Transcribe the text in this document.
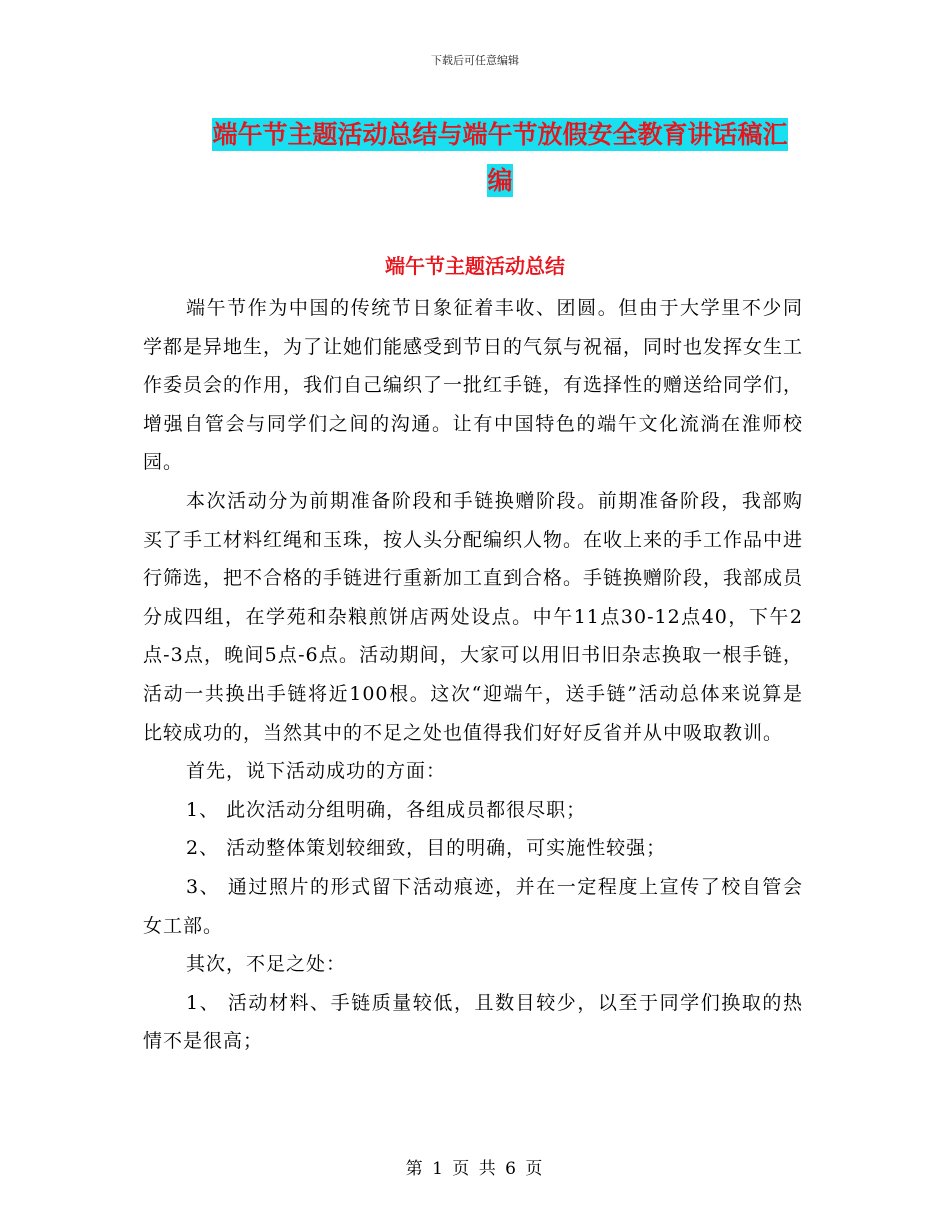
下载后可任意编辑
端午节主题活动总结与端午节放假安全教育讲话稿汇
编
端午节主题活动总结

端午节作为中国的传统节日象征着丰收、团圆。但由于大学里不少同学都是异地生，为了让她们能感受到节日的气氛与祝福，同时也发挥女生工作委员会的作用，我们自己编织了一批红手链，有选择性的赠送给同学们，增强自管会与同学们之间的沟通。让有中国特色的端午文化流淌在淮师校园。

本次活动分为前期准备阶段和手链换赠阶段。前期准备阶段，我部购买了手工材料红绳和玉珠，按人头分配编织人物。在收上来的手工作品中进行筛选，把不合格的手链进行重新加工直到合格。手链换赠阶段，我部成员分成四组，在学苑和杂粮煎饼店两处设点。中午11点30-12点40，下午2点-3点，晚间5点-6点。活动期间，大家可以用旧书旧杂志换取一根手链，活动一共换出手链将近100根。这次“迎端午，送手链”活动总体来说算是比较成功的，当然其中的不足之处也值得我们好好反省并从中吸取教训。

首先，说下活动成功的方面：

1、 此次活动分组明确，各组成员都很尽职；

2、 活动整体策划较细致，目的明确，可实施性较强；

3、 通过照片的形式留下活动痕迹，并在一定程度上宣传了校自管会女工部。

其次，不足之处：

1、 活动材料、手链质量较低，且数目较少，以至于同学们换取的热情不是很高；

第 1 页 共 6 页
